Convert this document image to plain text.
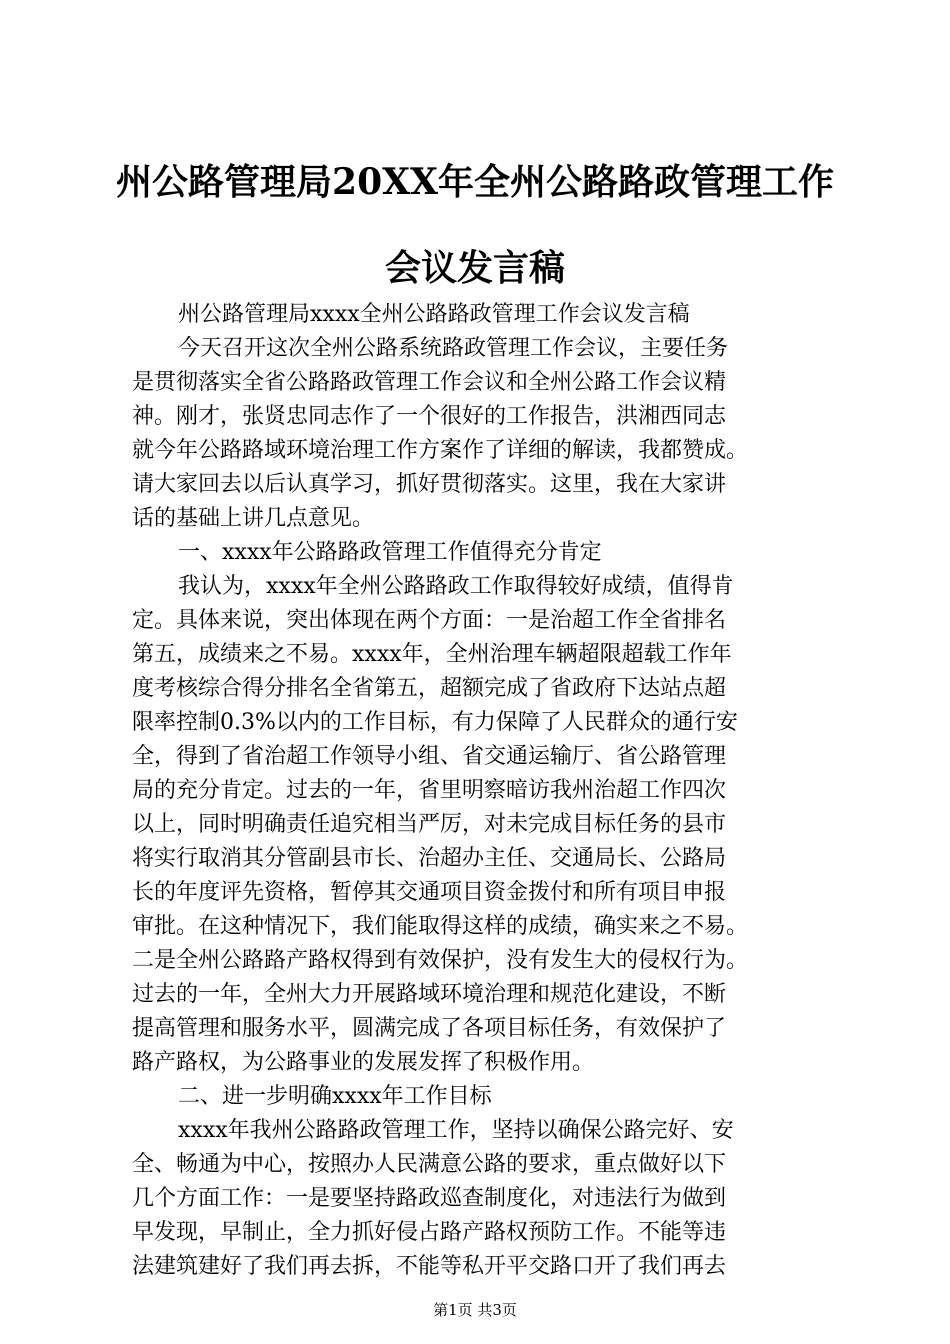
州公路管理局20XX年全州公路路政管理工作
会议发言稿
州公路管理局xxxx全州公路路政管理工作会议发言稿
今天召开这次全州公路系统路政管理工作会议，主要任务
是贯彻落实全省公路路政管理工作会议和全州公路工作会议精
神。刚才，张贤忠同志作了一个很好的工作报告，洪湘西同志
就今年公路路域环境治理工作方案作了详细的解读，我都赞成。
请大家回去以后认真学习，抓好贯彻落实。这里，我在大家讲
话的基础上讲几点意见。
一、xxxx年公路路政管理工作值得充分肯定
我认为，xxxx年全州公路路政工作取得较好成绩，值得肯
定。具体来说，突出体现在两个方面：一是治超工作全省排名
第五，成绩来之不易。xxxx年，全州治理车辆超限超载工作年
度考核综合得分排名全省第五，超额完成了省政府下达站点超
限率控制0.3%以内的工作目标，有力保障了人民群众的通行安
全，得到了省治超工作领导小组、省交通运输厅、省公路管理
局的充分肯定。过去的一年，省里明察暗访我州治超工作四次
以上，同时明确责任追究相当严厉，对未完成目标任务的县市
将实行取消其分管副县市长、治超办主任、交通局长、公路局
长的年度评先资格，暂停其交通项目资金拨付和所有项目申报
审批。在这种情况下，我们能取得这样的成绩，确实来之不易。
二是全州公路路产路权得到有效保护，没有发生大的侵权行为。
过去的一年，全州大力开展路域环境治理和规范化建设，不断
提高管理和服务水平，圆满完成了各项目标任务，有效保护了
路产路权，为公路事业的发展发挥了积极作用。
二、进一步明确xxxx年工作目标
xxxx年我州公路路政管理工作，坚持以确保公路完好、安
全、畅通为中心，按照办人民满意公路的要求，重点做好以下
几个方面工作：一是要坚持路政巡查制度化，对违法行为做到
早发现，早制止，全力抓好侵占路产路权预防工作。不能等违
法建筑建好了我们再去拆，不能等私开平交路口开了我们再去
第1页 共3页
